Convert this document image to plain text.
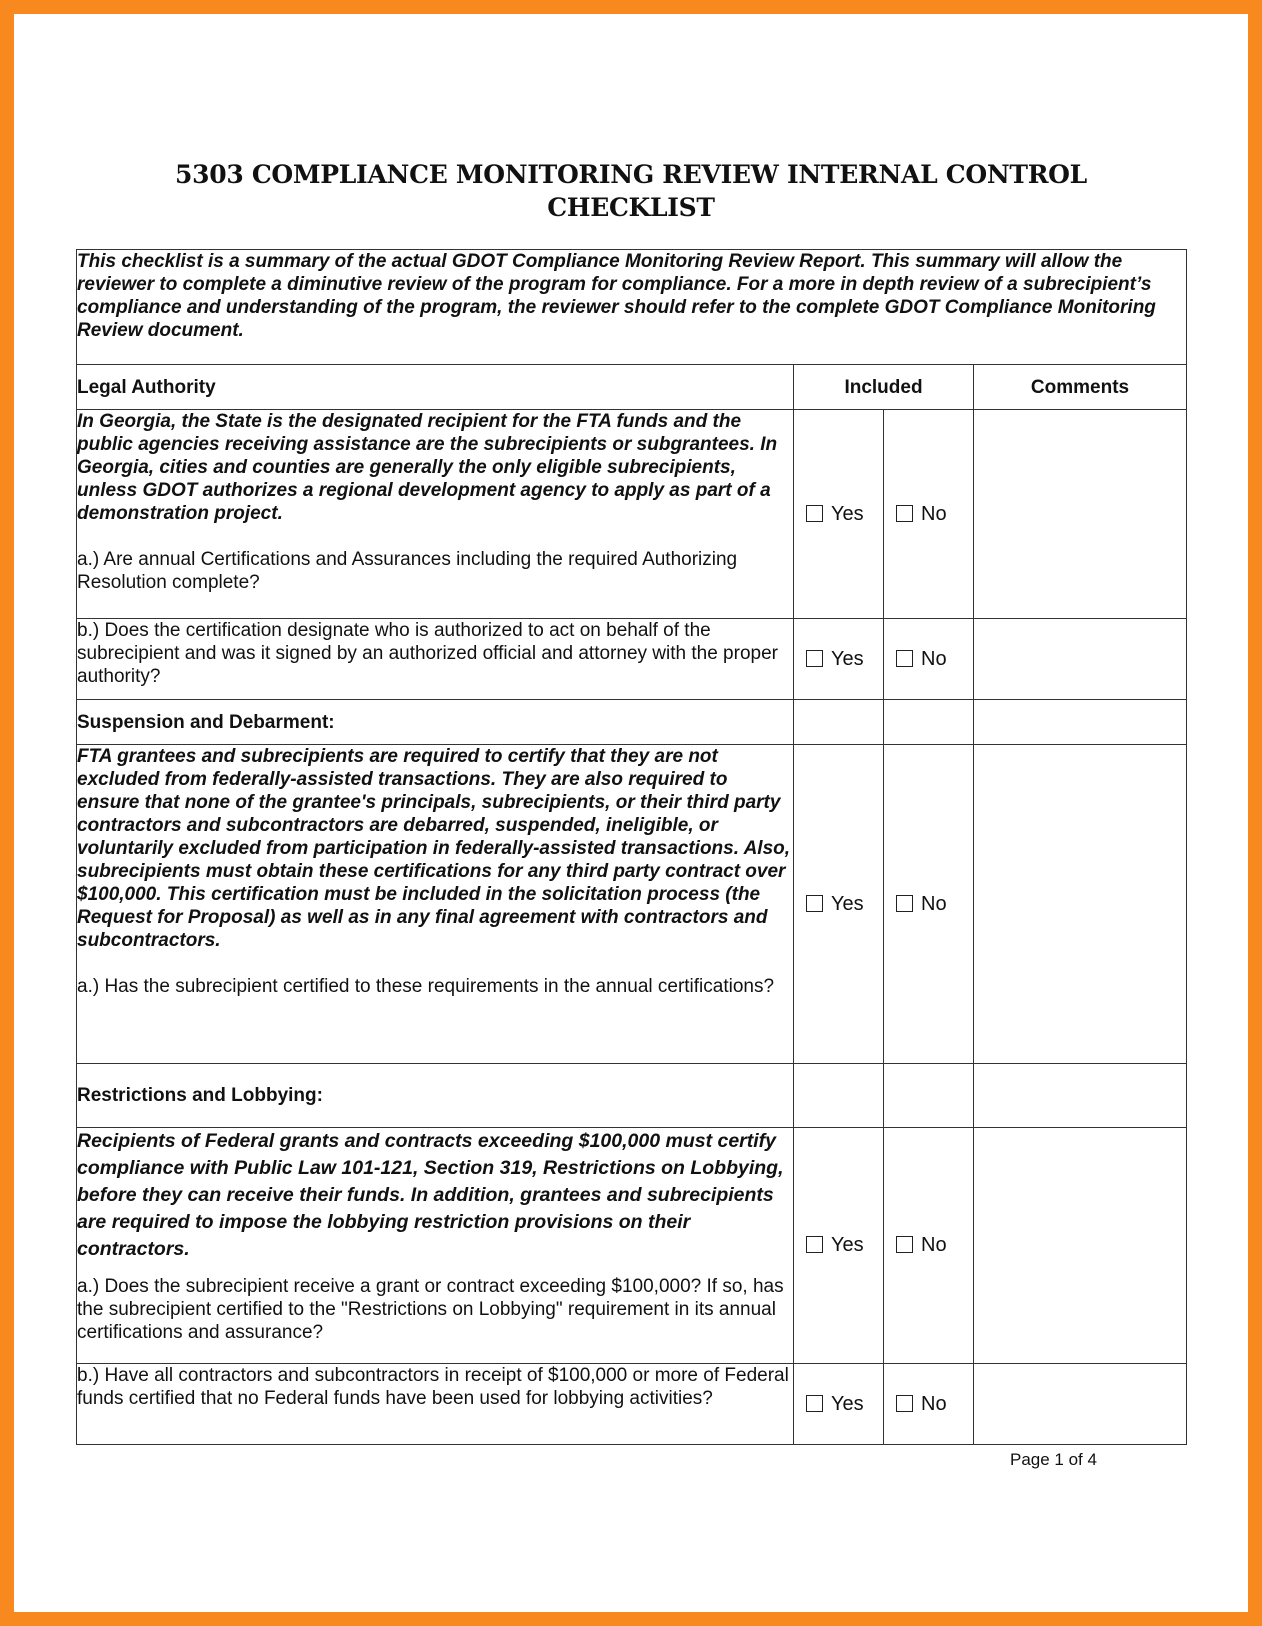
5303 COMPLIANCE MONITORING REVIEW INTERNAL CONTROL
CHECKLIST
This checklist is a summary of the actual GDOT Compliance Monitoring Review Report. This summary will allow the reviewer to complete a diminutive review of the program for compliance. For a more in depth review of a subrecipient’s compliance and understanding of the program, the reviewer should refer to the complete GDOT Compliance Monitoring Review document.			
Legal Authority	Included		Comments

In Georgia, the State is the designated recipient for the FTA funds and the public agencies receiving assistance are the subrecipients or subgrantees. In Georgia, cities and counties are generally the only eligible subrecipients, unless GDOT authorizes a regional development agency to apply as part of a demonstration project.
a.) Are annual Certifications and Assurances including the required Authorizing Resolution complete?	Yes	No	

b.) Does the certification designate who is authorized to act on behalf of the subrecipient and was it signed by an authorized official and attorney with the proper authority?	Yes	No	
Suspension and Debarment:			

FTA grantees and subrecipients are required to certify that they are not excluded from federally-assisted transactions. They are also required to ensure that none of the grantee's principals, subrecipients, or their third party contractors and subcontractors are debarred, suspended, ineligible, or voluntarily excluded from participation in federally-assisted transactions. Also, subrecipients must obtain these certifications for any third party contract over $100,000. This certification must be included in the solicitation process (the Request for Proposal) as well as in any final agreement with contractors and subcontractors.
a.) Has the subrecipient certified to these requirements in the annual certifications?	Yes	No	
Restrictions and Lobbying:			

Recipients of Federal grants and contracts exceeding $100,000 must certify compliance with Public Law 101-121, Section 319, Restrictions on Lobbying, before they can receive their funds. In addition, grantees and subrecipients are required to impose the lobbying restriction provisions on their contractors.
a.) Does the subrecipient receive a grant or contract exceeding $100,000? If so, has the subrecipient certified to the "Restrictions on Lobbying" requirement in its annual certifications and assurance?	Yes	No	

b.) Have all contractors and subcontractors in receipt of $100,000 or more of Federal funds certified that no Federal funds have been used for lobbying activities?	Yes	No	
Page 1 of 4
